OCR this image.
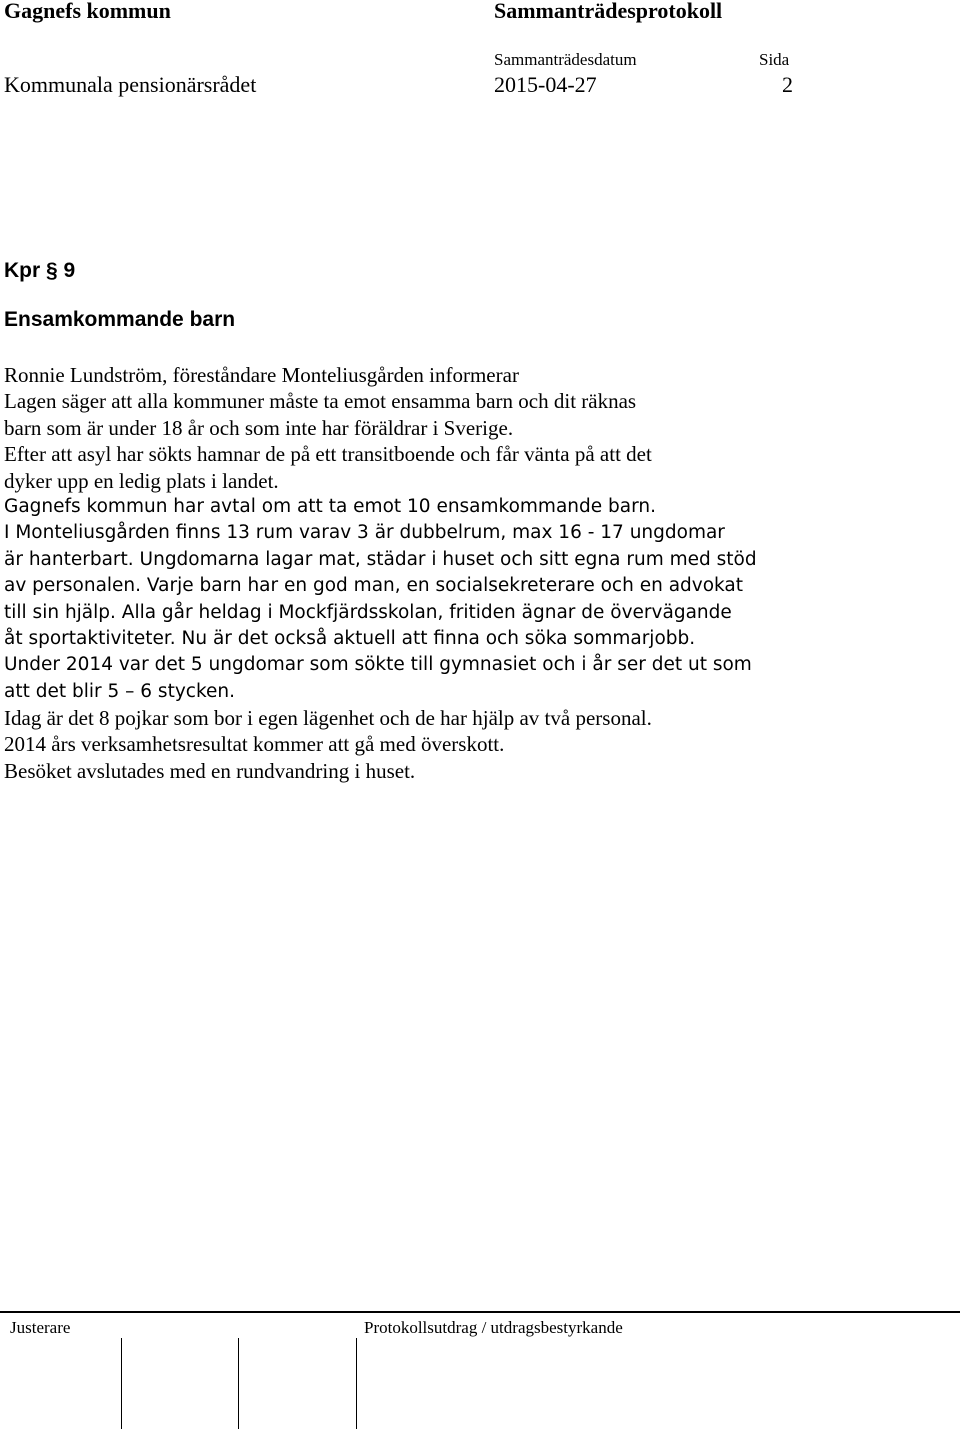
Gagnefs kommun	Sammanträdesprotokoll
Sammanträdesdatum	Sida
Kommunala pensionärsrådet	2015-04-27	2
Kpr § 9
Ensamkommande barn
Ronnie Lundström, föreståndare Monteliusgården informerar
Lagen säger att alla kommuner måste ta emot ensamma barn och dit räknas
barn som är under 18 år och som inte har föräldrar i Sverige.
Efter att asyl har sökts hamnar de på ett transitboende och får vänta på att det
dyker upp en ledig plats i landet.
Gagnefs kommun har avtal om att ta emot 10 ensamkommande barn.
I Monteliusgården finns 13 rum varav 3 är dubbelrum, max 16 - 17 ungdomar
är hanterbart. Ungdomarna lagar mat, städar i huset och sitt egna rum med stöd
av personalen. Varje barn har en god man, en socialsekreterare och en advokat
till sin hjälp. Alla går heldag i Mockfjärdsskolan, fritiden ägnar de övervägande
åt sportaktiviteter. Nu är det också aktuell att finna och söka sommarjobb.
Under 2014 var det 5 ungdomar som sökte till gymnasiet och i år ser det ut som
att det blir 5 – 6 stycken.
Idag är det 8 pojkar som bor i egen lägenhet och de har hjälp av två personal.
2014 års verksamhetsresultat kommer att gå med överskott.
Besöket avslutades med en rundvandring i huset.
Justerare	Protokollsutdrag / utdragsbestyrkande
